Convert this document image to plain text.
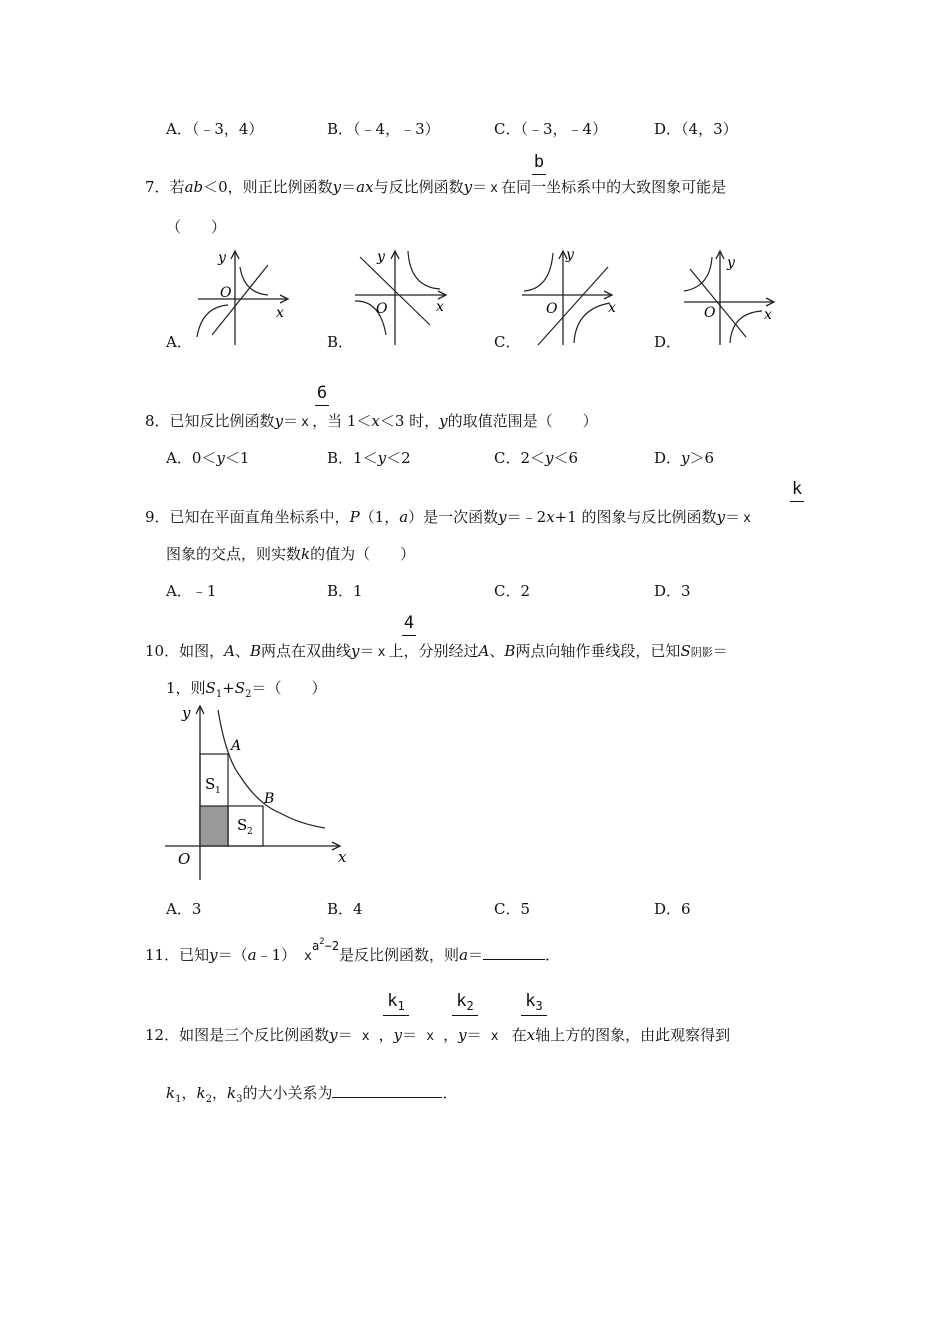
A．（﹣3，4）	B．（﹣4，﹣3）	C．（﹣3，﹣4）	D．（4，3）
b
7．若ab＜0，则正比例函数y＝ax与反比例函数y＝ x 在同一坐标系中的大致图象可能是
（　　）
y
x
O
A．
y
x
O
B．
y
x
O
C．
y
x
O
D．
6
8．已知反比例函数y＝ x ，当 1＜x＜3 时，y的取值范围是（　　）
A．0＜y＜1	B．1＜y＜2	C．2＜y＜6	D．y＞6
k
9．已知在平面直角坐标系中，P（1，a）是一次函数y＝﹣2x+1 的图象与反比例函数y＝ x
图象的交点，则实数k的值为（　　）
A．﹣1	B．1	C．2	D．3
4
10．如图，A、B两点在双曲线y＝ x 上，分别经过A、B两点向轴作垂线段，已知S阴影＝
1，则$S_1+S_2=$（　　）
y
x
O
A
B
S 1
S 2
A．3	B．4	C．5	D．6
11．已知y＝（a﹣1） $x^{a2-2}$是反比例函数，则a＝	．
$k_1$	$k_2$	$k_3$
12．如图是三个反比例函数y＝ x ，y＝ x ，y＝ x 在x轴上方的图象，由此观察得到
$k_1$，$k_2$，$k_3$的大小关系为	．
